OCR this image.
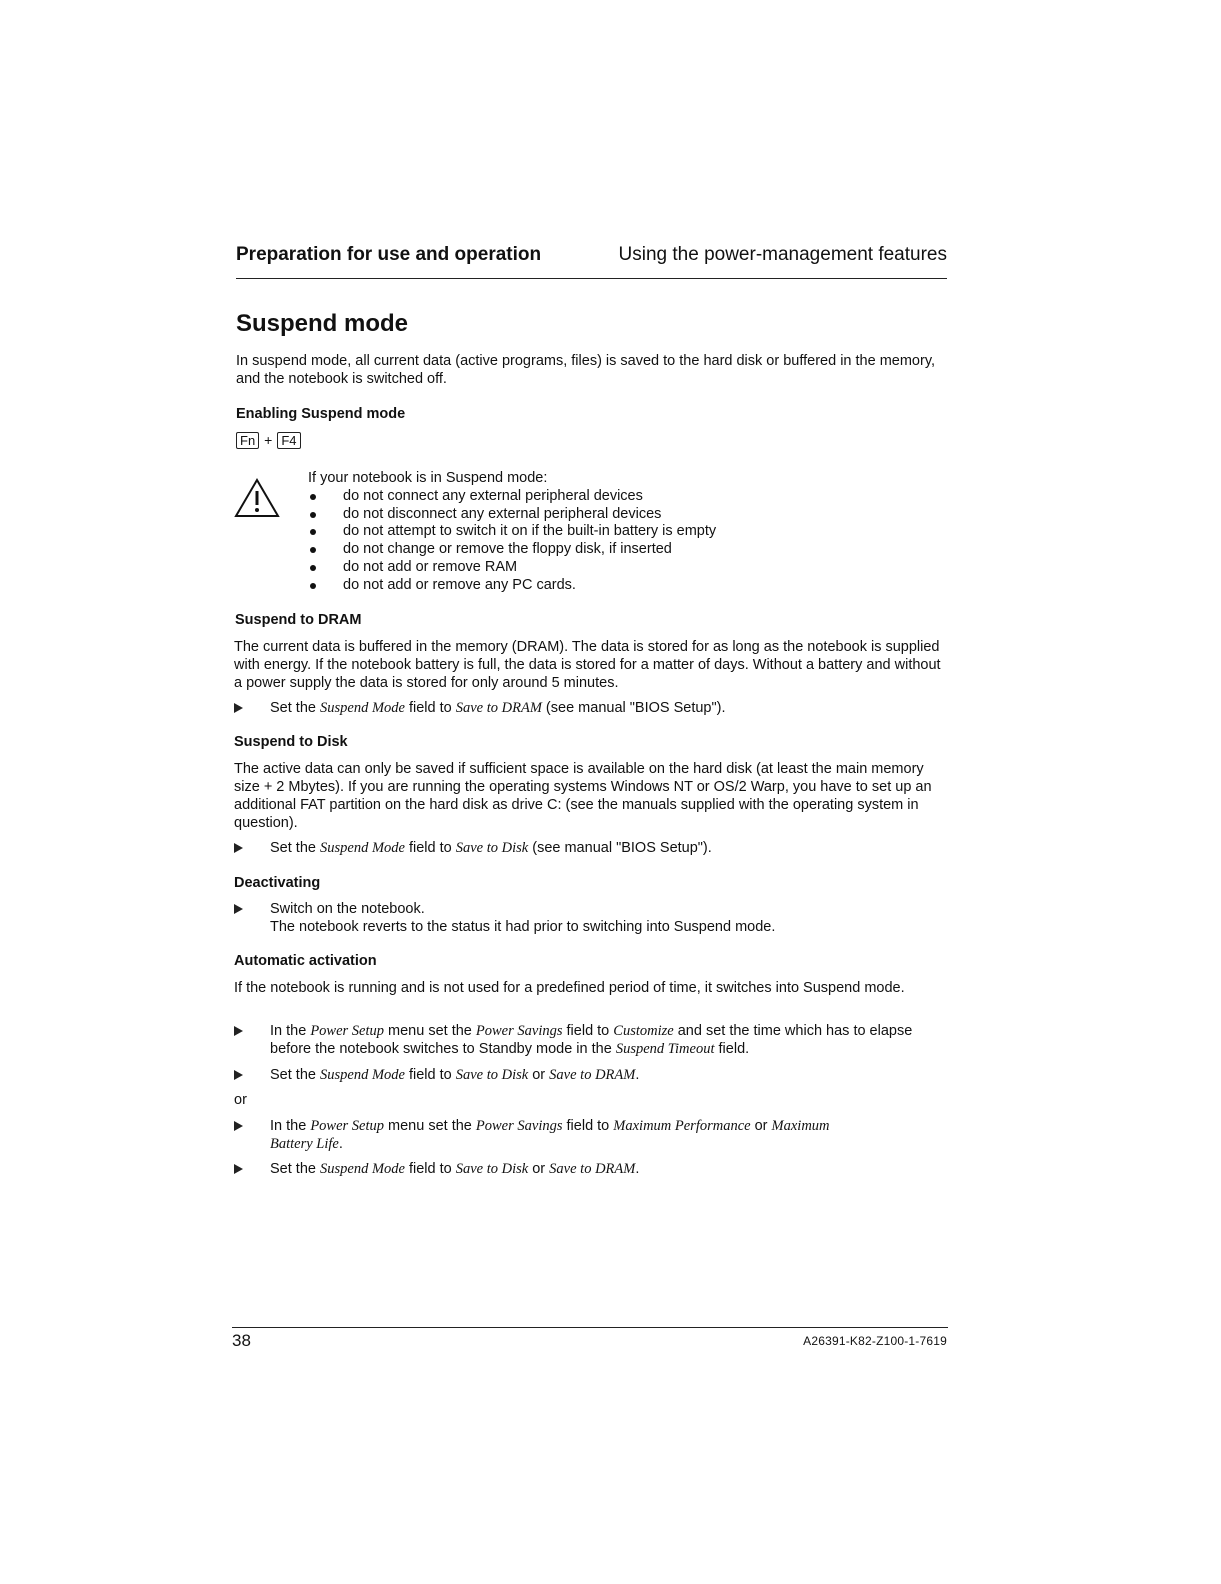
Preparation for use and operation	Using the power-management features
Suspend mode
In suspend mode, all current data (active programs, files) is saved to the hard disk or buffered in the memory, and the notebook is switched off.
Enabling Suspend mode
Fn + F4
If your notebook is in Suspend mode:
do not connect any external peripheral devices
do not disconnect any external peripheral devices
do not attempt to switch it on if the built-in battery is empty
do not change or remove the floppy disk, if inserted
do not add or remove RAM
do not add or remove any PC cards.
Suspend to DRAM
The current data is buffered in the memory (DRAM). The data is stored for as long as the notebook is supplied with energy. If the notebook battery is full, the data is stored for a matter of days. Without a battery and without a power supply the data is stored for only around 5 minutes.
Set the Suspend Mode field to Save to DRAM (see manual "BIOS Setup").
Suspend to Disk
The active data can only be saved if sufficient space is available on the hard disk (at least the main memory size + 2 Mbytes). If you are running the operating systems Windows NT or OS/2 Warp, you have to set up an additional FAT partition on the hard disk as drive C: (see the manuals supplied with the operating system in question).
Set the Suspend Mode field to Save to Disk (see manual "BIOS Setup").
Deactivating
Switch on the notebook.
The notebook reverts to the status it had prior to switching into Suspend mode.
Automatic activation
If the notebook is running and is not used for a predefined period of time, it switches into Suspend mode.
In the Power Setup menu set the Power Savings field to Customize and set the time which has to elapse before the notebook switches to Standby mode in the Suspend Timeout field.
Set the Suspend Mode field to Save to Disk or Save to DRAM.
or
In the Power Setup menu set the Power Savings field to Maximum Performance or Maximum Battery Life.
Set the Suspend Mode field to Save to Disk or Save to DRAM.
38	A26391-K82-Z100-1-7619
